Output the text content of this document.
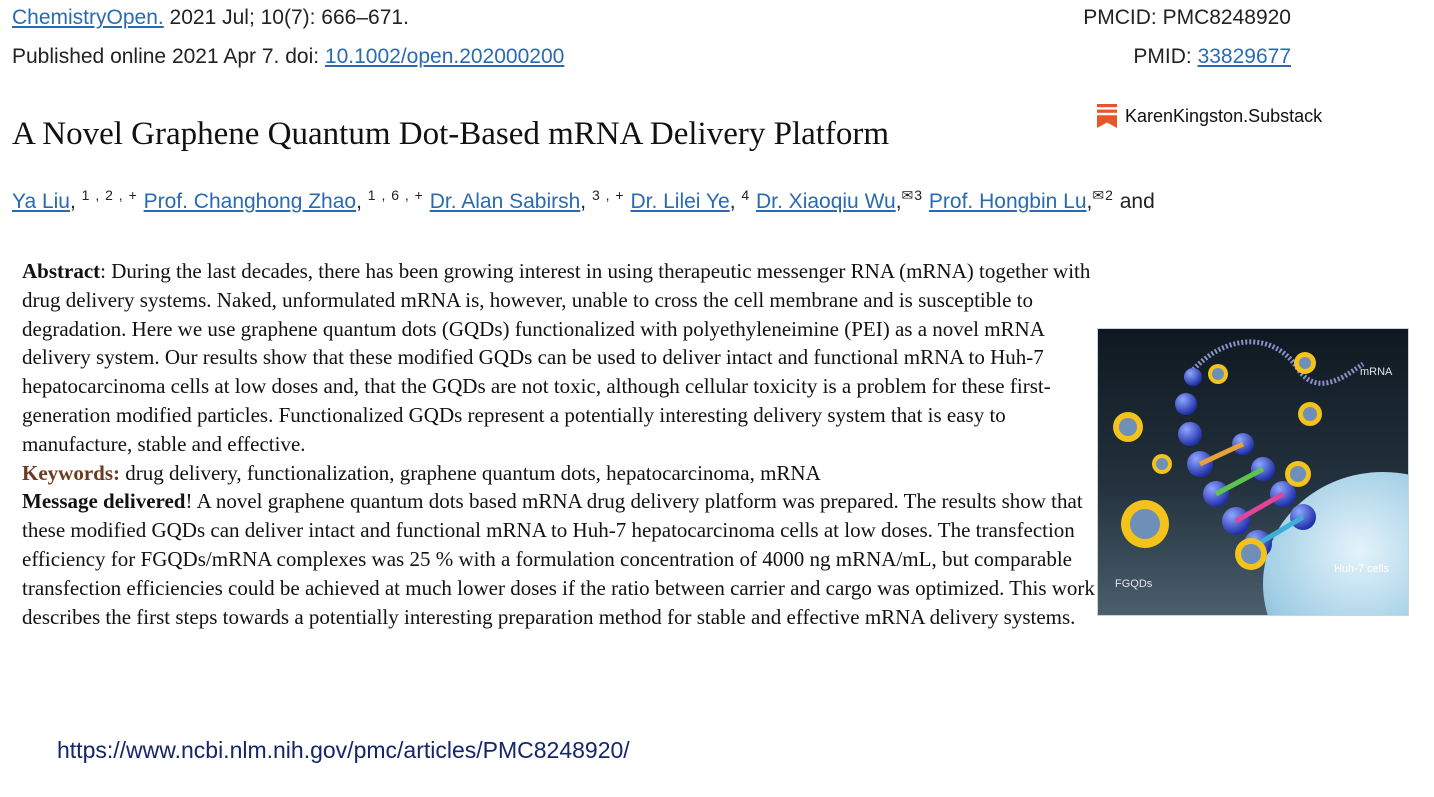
ChemistryOpen. 2021 Jul; 10(7): 666–671.
Published online 2021 Apr 7. doi: 10.1002/open.202000200
PMCID: PMC8248920
PMID: 33829677
KarenKingston.Substack
A Novel Graphene Quantum Dot-Based mRNA Delivery Platform
Ya Liu, $^{1 , 2 , +}$ Prof. Changhong Zhao, $^{1 , 6 , +}$ Dr. Alan Sabirsh, $^{3 , +}$ Dr. Lilei Ye, $^4$ Dr. Xiaoqiu Wu,$^{✉3}$ Prof. Hongbin Lu,$^{✉2}$ and

Abstract: During the last decades, there has been growing interest in using therapeutic messenger RNA (mRNA) together with drug delivery systems. Naked, unformulated mRNA is, however, unable to cross the cell membrane and is susceptible to degradation. Here we use graphene quantum dots (GQDs) functionalized with polyethyleneimine (PEI) as a novel mRNA delivery system. Our results show that these modified GQDs can be used to deliver intact and functional mRNA to Huh-7 hepatocarcinoma cells at low doses and, that the GQDs are not toxic, although cellular toxicity is a problem for these first-generation modified particles. Functionalized GQDs represent a potentially interesting delivery system that is easy to manufacture, stable and effective.

Keywords: drug delivery, functionalization, graphene quantum dots, hepatocarcinoma, mRNA

Message delivered! A novel graphene quantum dots based mRNA drug delivery platform was prepared. The results show that these modified GQDs can deliver intact and functional mRNA to Huh-7 hepatocarcinoma cells at low doses. The transfection efficiency for FGQDs/mRNA complexes was 25 % with a formulation concentration of 4000 ng mRNA/mL, but comparable transfection efficiencies could be achieved at much lower doses if the ratio between carrier and cargo was optimized. This work describes the first steps towards a potentially interesting preparation method for stable and effective mRNA delivery systems.

mRNA
FGQDs
Huh-7 cells
https://www.ncbi.nlm.nih.gov/pmc/articles/PMC8248920/
